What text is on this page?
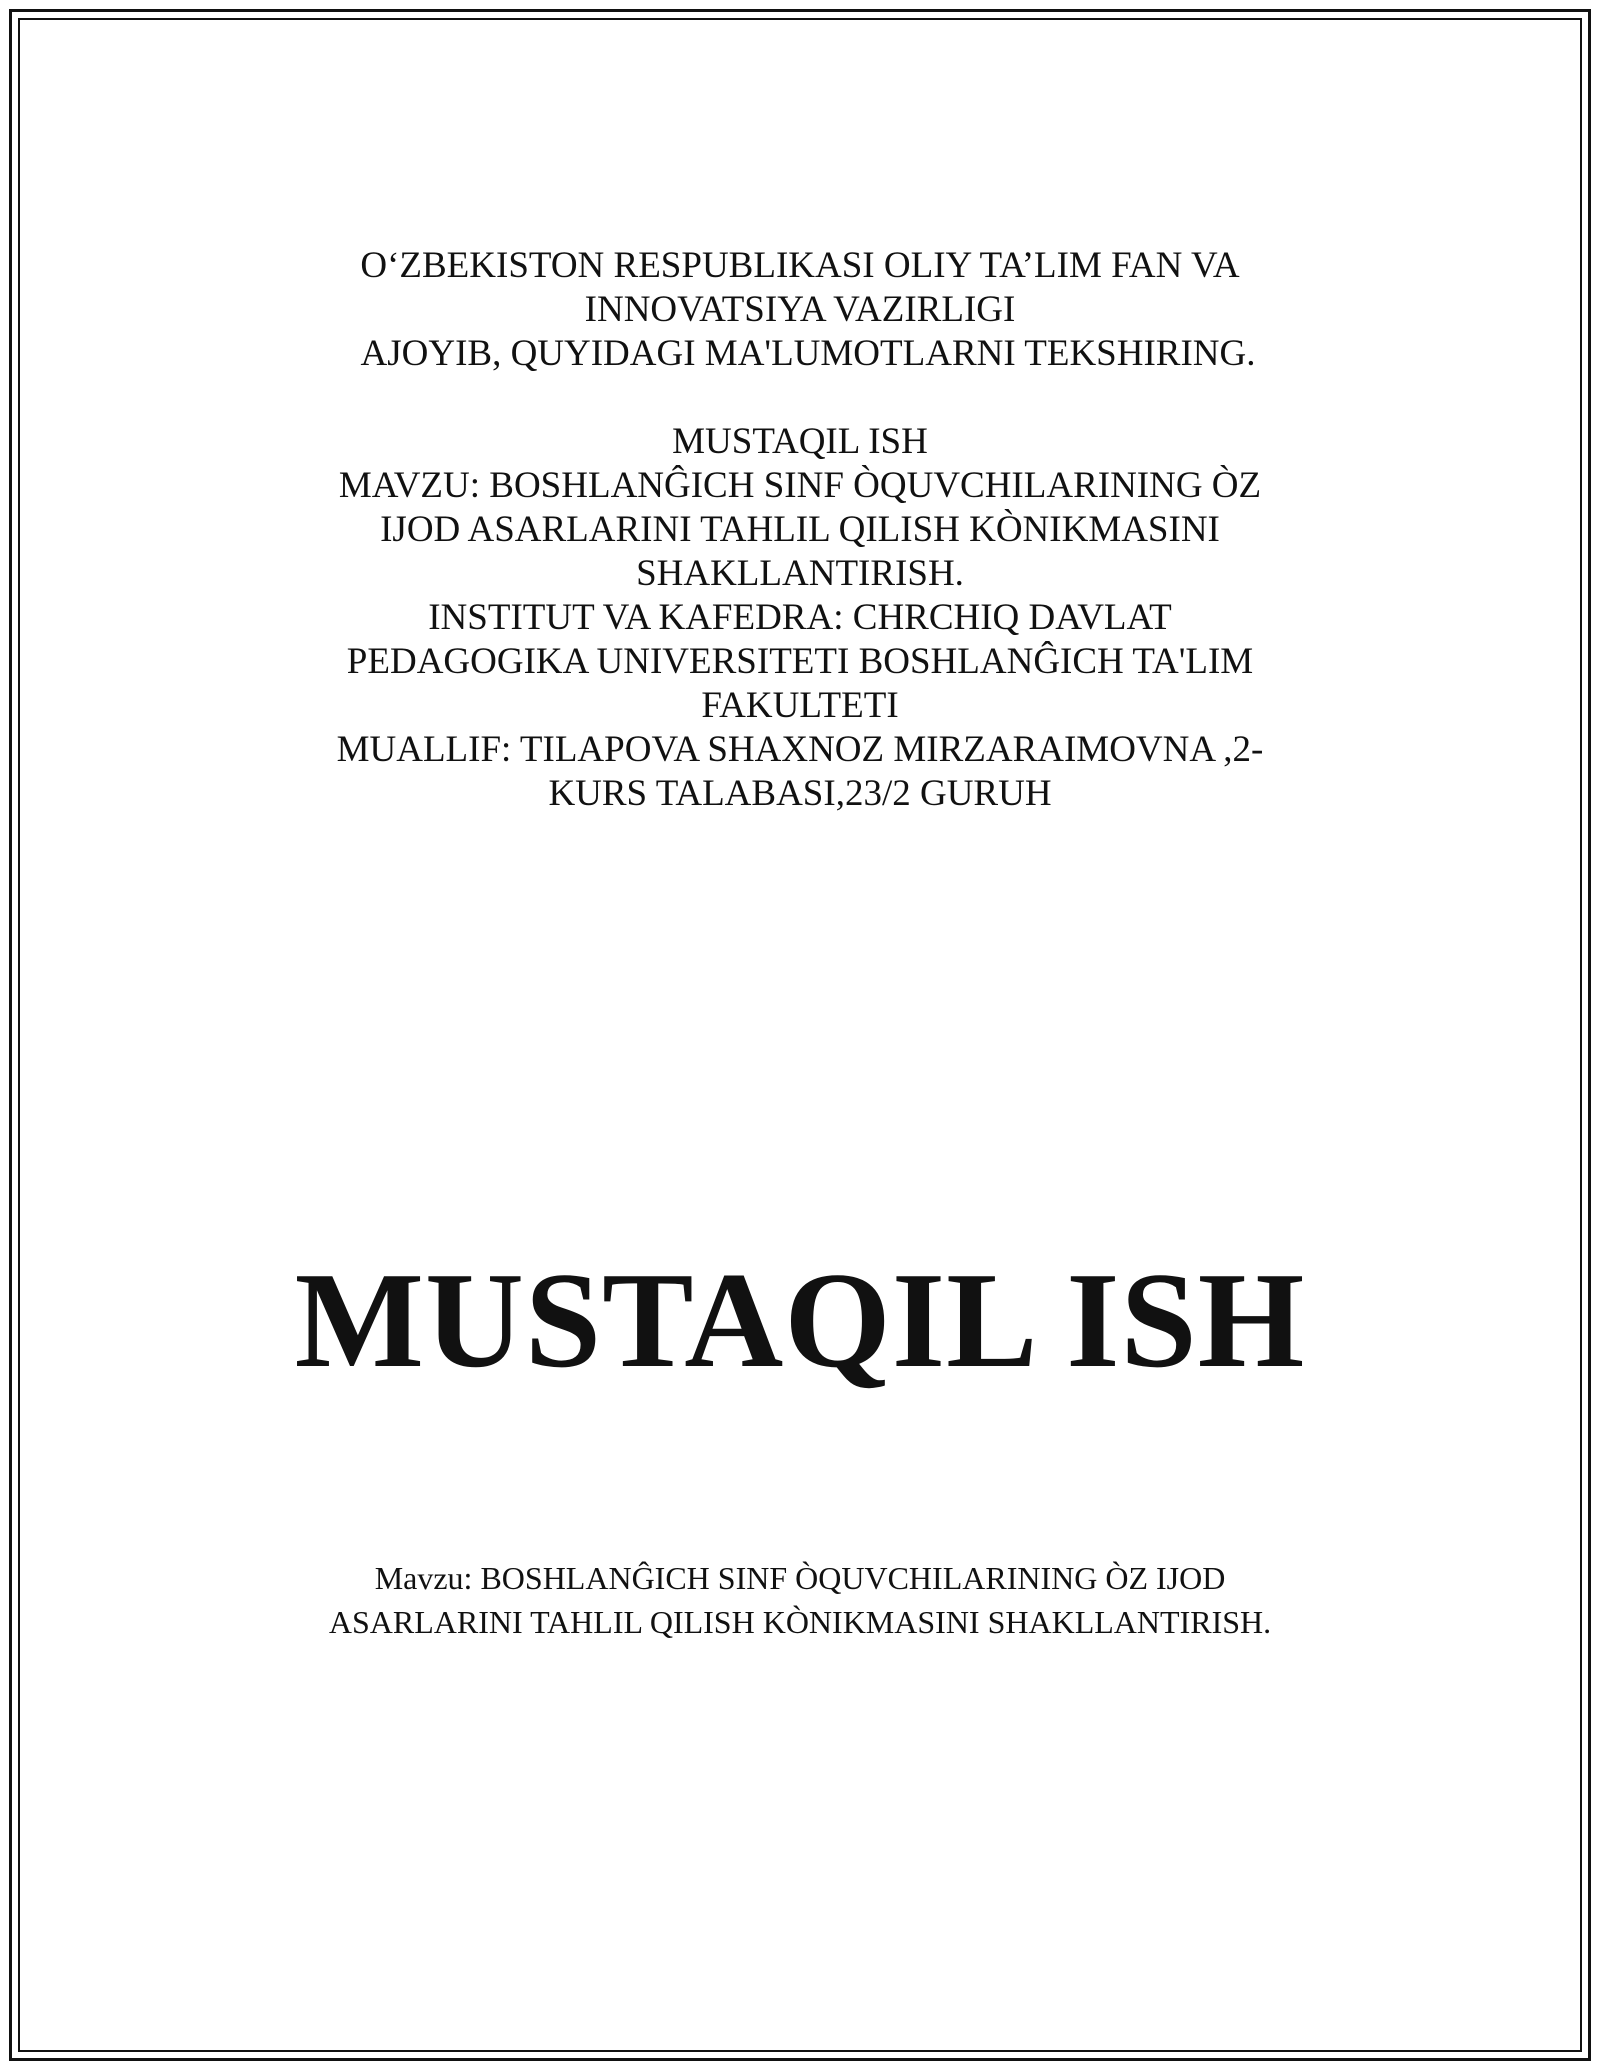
O‘ZBEKISTON RESPUBLIKASI OLIY TA’LIM FAN VA
INNOVATSIYA VAZIRLIGI
AJOYIB, QUYIDAGI MA'LUMOTLARNI TEKSHIRING.
MUSTAQIL ISH
MAVZU: BOSHLANĜICH SINF ÒQUVCHILARINING ÒZ
IJOD ASARLARINI TAHLIL QILISH KÒNIKMASINI
SHAKLLANTIRISH.
INSTITUT VA KAFEDRA: CHRCHIQ DAVLAT
PEDAGOGIKA UNIVERSITETI BOSHLANĜICH TA'LIM
FAKULTETI
MUALLIF: TILAPOVA SHAXNOZ MIRZARAIMOVNA ,2-
KURS TALABASI,23/2 GURUH
MUSTAQIL ISH
Mavzu: BOSHLANĜICH SINF ÒQUVCHILARINING ÒZ IJOD
ASARLARINI TAHLIL QILISH KÒNIKMASINI SHAKLLANTIRISH.
